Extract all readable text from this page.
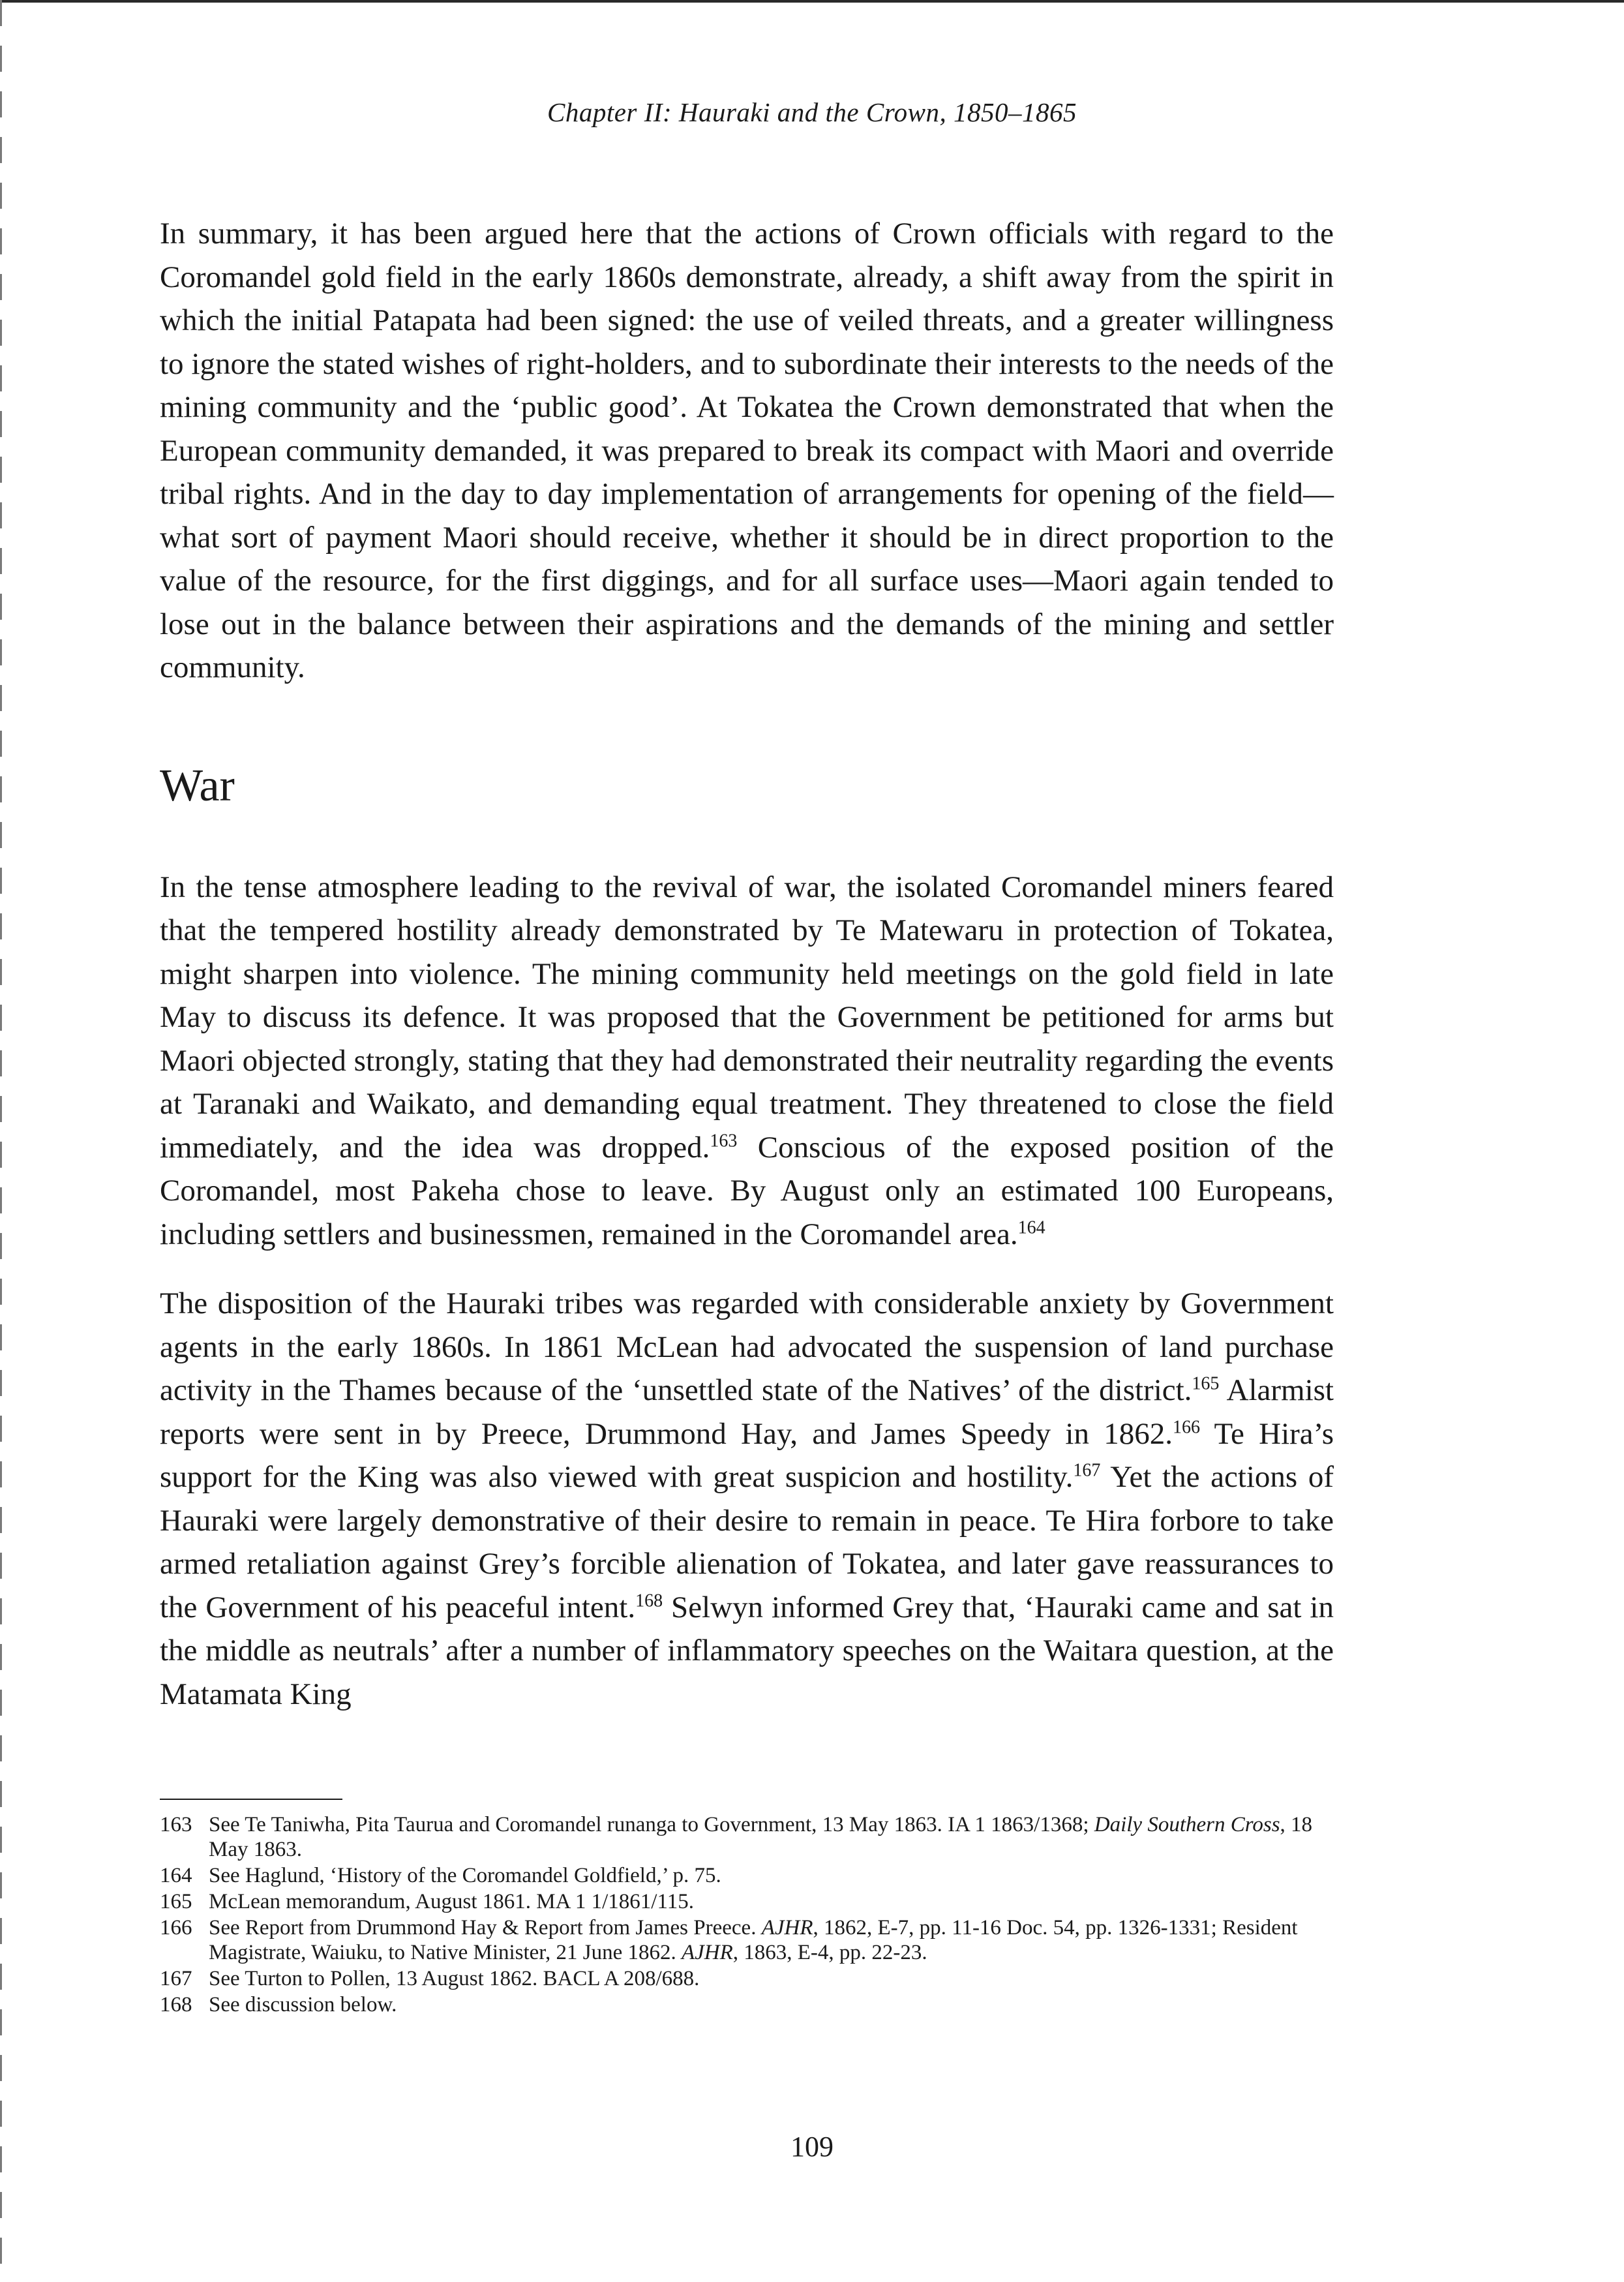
Chapter II: Hauraki and the Crown, 1850–1865

In summary, it has been argued here that the actions of Crown officials with regard to the Coromandel gold field in the early 1860s demonstrate, already, a shift away from the spirit in which the initial Patapata had been signed: the use of veiled threats, and a greater willingness to ignore the stated wishes of right-holders, and to subordinate their interests to the needs of the mining community and the ‘public good’. At Tokatea the Crown demonstrated that when the European community demanded, it was prepared to break its compact with Maori and override tribal rights. And in the day to day implementation of arrangements for opening of the field—what sort of payment Maori should receive, whether it should be in direct proportion to the value of the resource, for the first diggings, and for all surface uses—Maori again tended to lose out in the balance between their aspirations and the demands of the mining and settler community.

War

In the tense atmosphere leading to the revival of war, the isolated Coromandel miners feared that the tempered hostility already demonstrated by Te Matewaru in protection of Tokatea, might sharpen into violence. The mining community held meetings on the gold field in late May to discuss its defence. It was proposed that the Government be petitioned for arms but Maori objected strongly, stating that they had demonstrated their neutrality regarding the events at Taranaki and Waikato, and demanding equal treatment. They threatened to close the field immediately, and the idea was dropped.$^{163}$ Conscious of the exposed position of the Coromandel, most Pakeha chose to leave. By August only an estimated 100 Europeans, including settlers and businessmen, remained in the Coromandel area.$^{164}$

The disposition of the Hauraki tribes was regarded with considerable anxiety by Government agents in the early 1860s. In 1861 McLean had advocated the suspension of land purchase activity in the Thames because of the ‘unsettled state of the Natives’ of the district.$^{165}$ Alarmist reports were sent in by Preece, Drummond Hay, and James Speedy in 1862.$^{166}$ Te Hira’s support for the King was also viewed with great suspicion and hostility.$^{167}$ Yet the actions of Hauraki were largely demonstrative of their desire to remain in peace. Te Hira forbore to take armed retaliation against Grey’s forcible alienation of Tokatea, and later gave reassurances to the Government of his peaceful intent.$^{168}$ Selwyn informed Grey that, ‘Hauraki came and sat in the middle as neutrals’ after a number of inflammatory speeches on the Waitara question, at the Matamata King

163 See Te Taniwha, Pita Taurua and Coromandel runanga to Government, 13 May 1863. IA 1 1863/1368; Daily Southern Cross, 18 May 1863.
164 See Haglund, ‘History of the Coromandel Goldfield,’ p. 75.
165 McLean memorandum, August 1861. MA 1 1/1861/115.
166 See Report from Drummond Hay & Report from James Preece. AJHR, 1862, E-7, pp. 11-16 Doc. 54, pp. 1326-1331; Resident Magistrate, Waiuku, to Native Minister, 21 June 1862. AJHR, 1863, E-4, pp. 22-23.
167 See Turton to Pollen, 13 August 1862. BACL A 208/688.
168 See discussion below.
109
